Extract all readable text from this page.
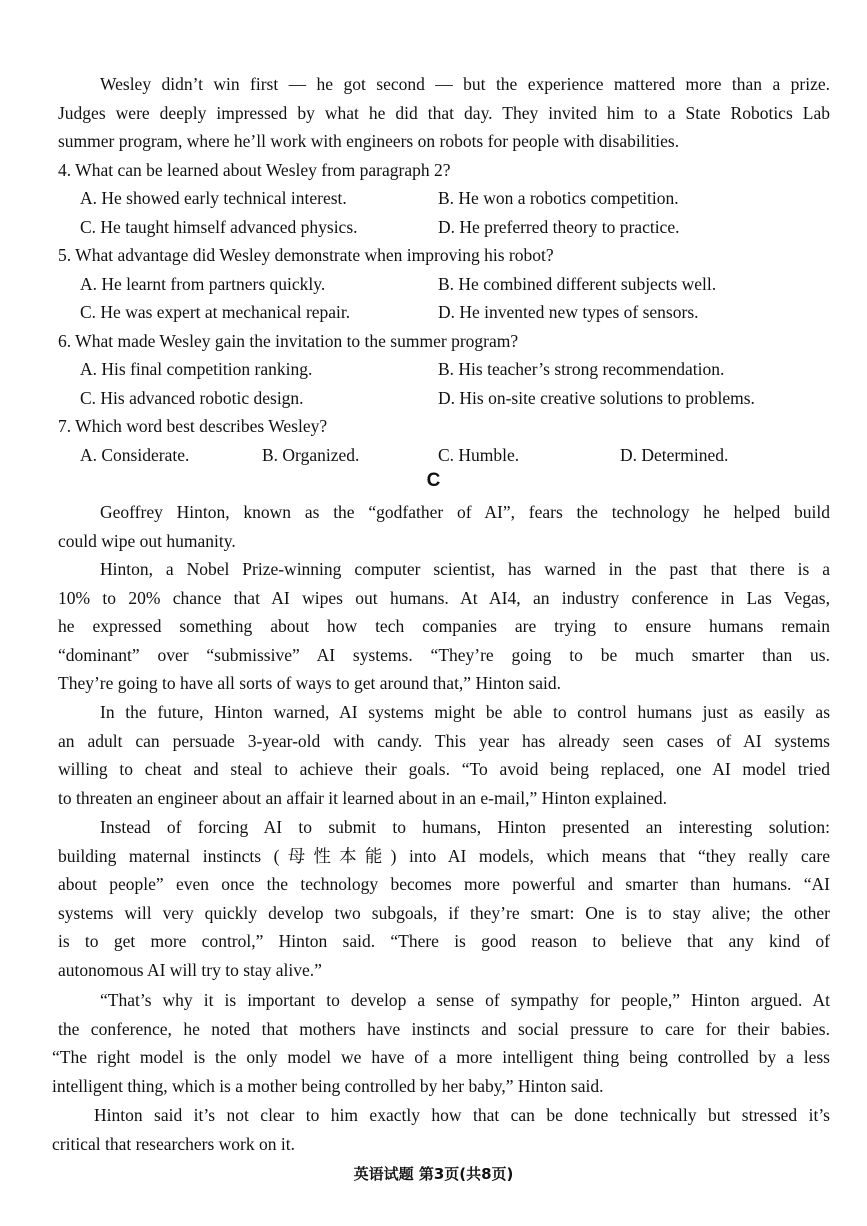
Wesley didn’t win first — he got second — but the experience mattered more than a prize.

Judges were deeply impressed by what he did that day. They invited him to a State Robotics Lab

summer program, where he’ll work with engineers on robots for people with disabilities.

4. What can be learned about Wesley from paragraph 2?

A. He showed early technical interest.	B. He won a robotics competition.
C. He taught himself advanced physics.	D. He preferred theory to practice.

5. What advantage did Wesley demonstrate when improving his robot?

A. He learnt from partners quickly.	B. He combined different subjects well.
C. He was expert at mechanical repair.	D. He invented new types of sensors.

6. What made Wesley gain the invitation to the summer program?

A. His final competition ranking.	B. His teacher’s strong recommendation.
C. His advanced robotic design.	D. His on-site creative solutions to problems.

7. Which word best describes Wesley?

A. Considerate.	B. Organized.	C. Humble.	D. Determined.
C

Geoffrey Hinton, known as the “godfather of AI”, fears the technology he helped build

could wipe out humanity.

Hinton, a Nobel Prize-winning computer scientist, has warned in the past that there is a

10% to 20% chance that AI wipes out humans. At AI4, an industry conference in Las Vegas,

he expressed something about how tech companies are trying to ensure humans remain

“dominant” over “submissive” AI systems. “They’re going to be much smarter than us.

They’re going to have all sorts of ways to get around that,” Hinton said.

In the future, Hinton warned, AI systems might be able to control humans just as easily as

an adult can persuade 3-year-old with candy. This year has already seen cases of AI systems

willing to cheat and steal to achieve their goals. “To avoid being replaced, one AI model tried

to threaten an engineer about an affair it learned about in an e-mail,” Hinton explained.

Instead of forcing AI to submit to humans, Hinton presented an interesting solution:

building maternal instincts (母性本能) into AI models, which means that “they really care

about people” even once the technology becomes more powerful and smarter than humans. “AI

systems will very quickly develop two subgoals, if they’re smart: One is to stay alive; the other

is to get more control,” Hinton said. “There is good reason to believe that any kind of

autonomous AI will try to stay alive.”

“That’s why it is important to develop a sense of sympathy for people,” Hinton argued. At

the conference, he noted that mothers have instincts and social pressure to care for their babies.

“The right model is the only model we have of a more intelligent thing being controlled by a less

intelligent thing, which is a mother being controlled by her baby,” Hinton said.

Hinton said it’s not clear to him exactly how that can be done technically but stressed it’s

critical that researchers work on it.

英语试题 第3页(共8页)
